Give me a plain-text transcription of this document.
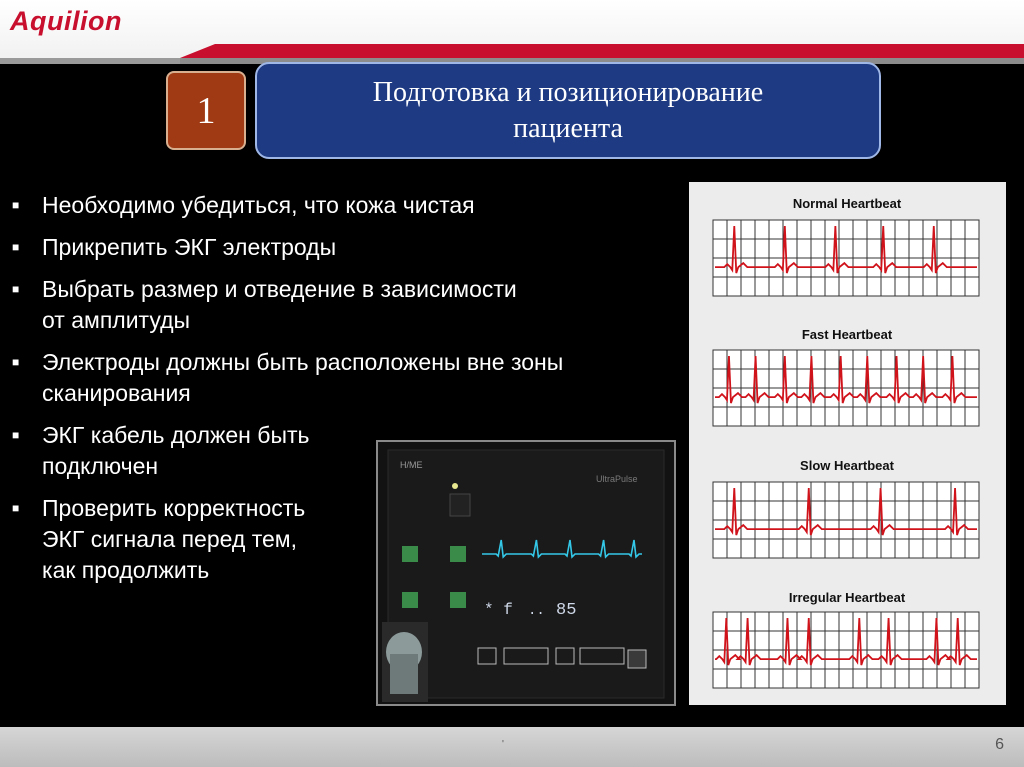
Aquilion
1	Подготовка и позиционирование
пациента
■ Необходимо убедиться, что кожа чистая
■ Прикрепить ЭКГ электроды
■ Выбрать размер и отведение в зависимости
от амплитуды
■ Электроды должны быть расположены вне зоны
сканирования
■ ЭКГ кабель должен быть
подключен
■ Проверить корректность
ЭКГ сигнала перед тем,
как продолжить
Normal Heartbeat
Fast Heartbeat
Slow Heartbeat
Irregular Heartbeat
H/ME
UltraPulse
* f .. 85
'	6
